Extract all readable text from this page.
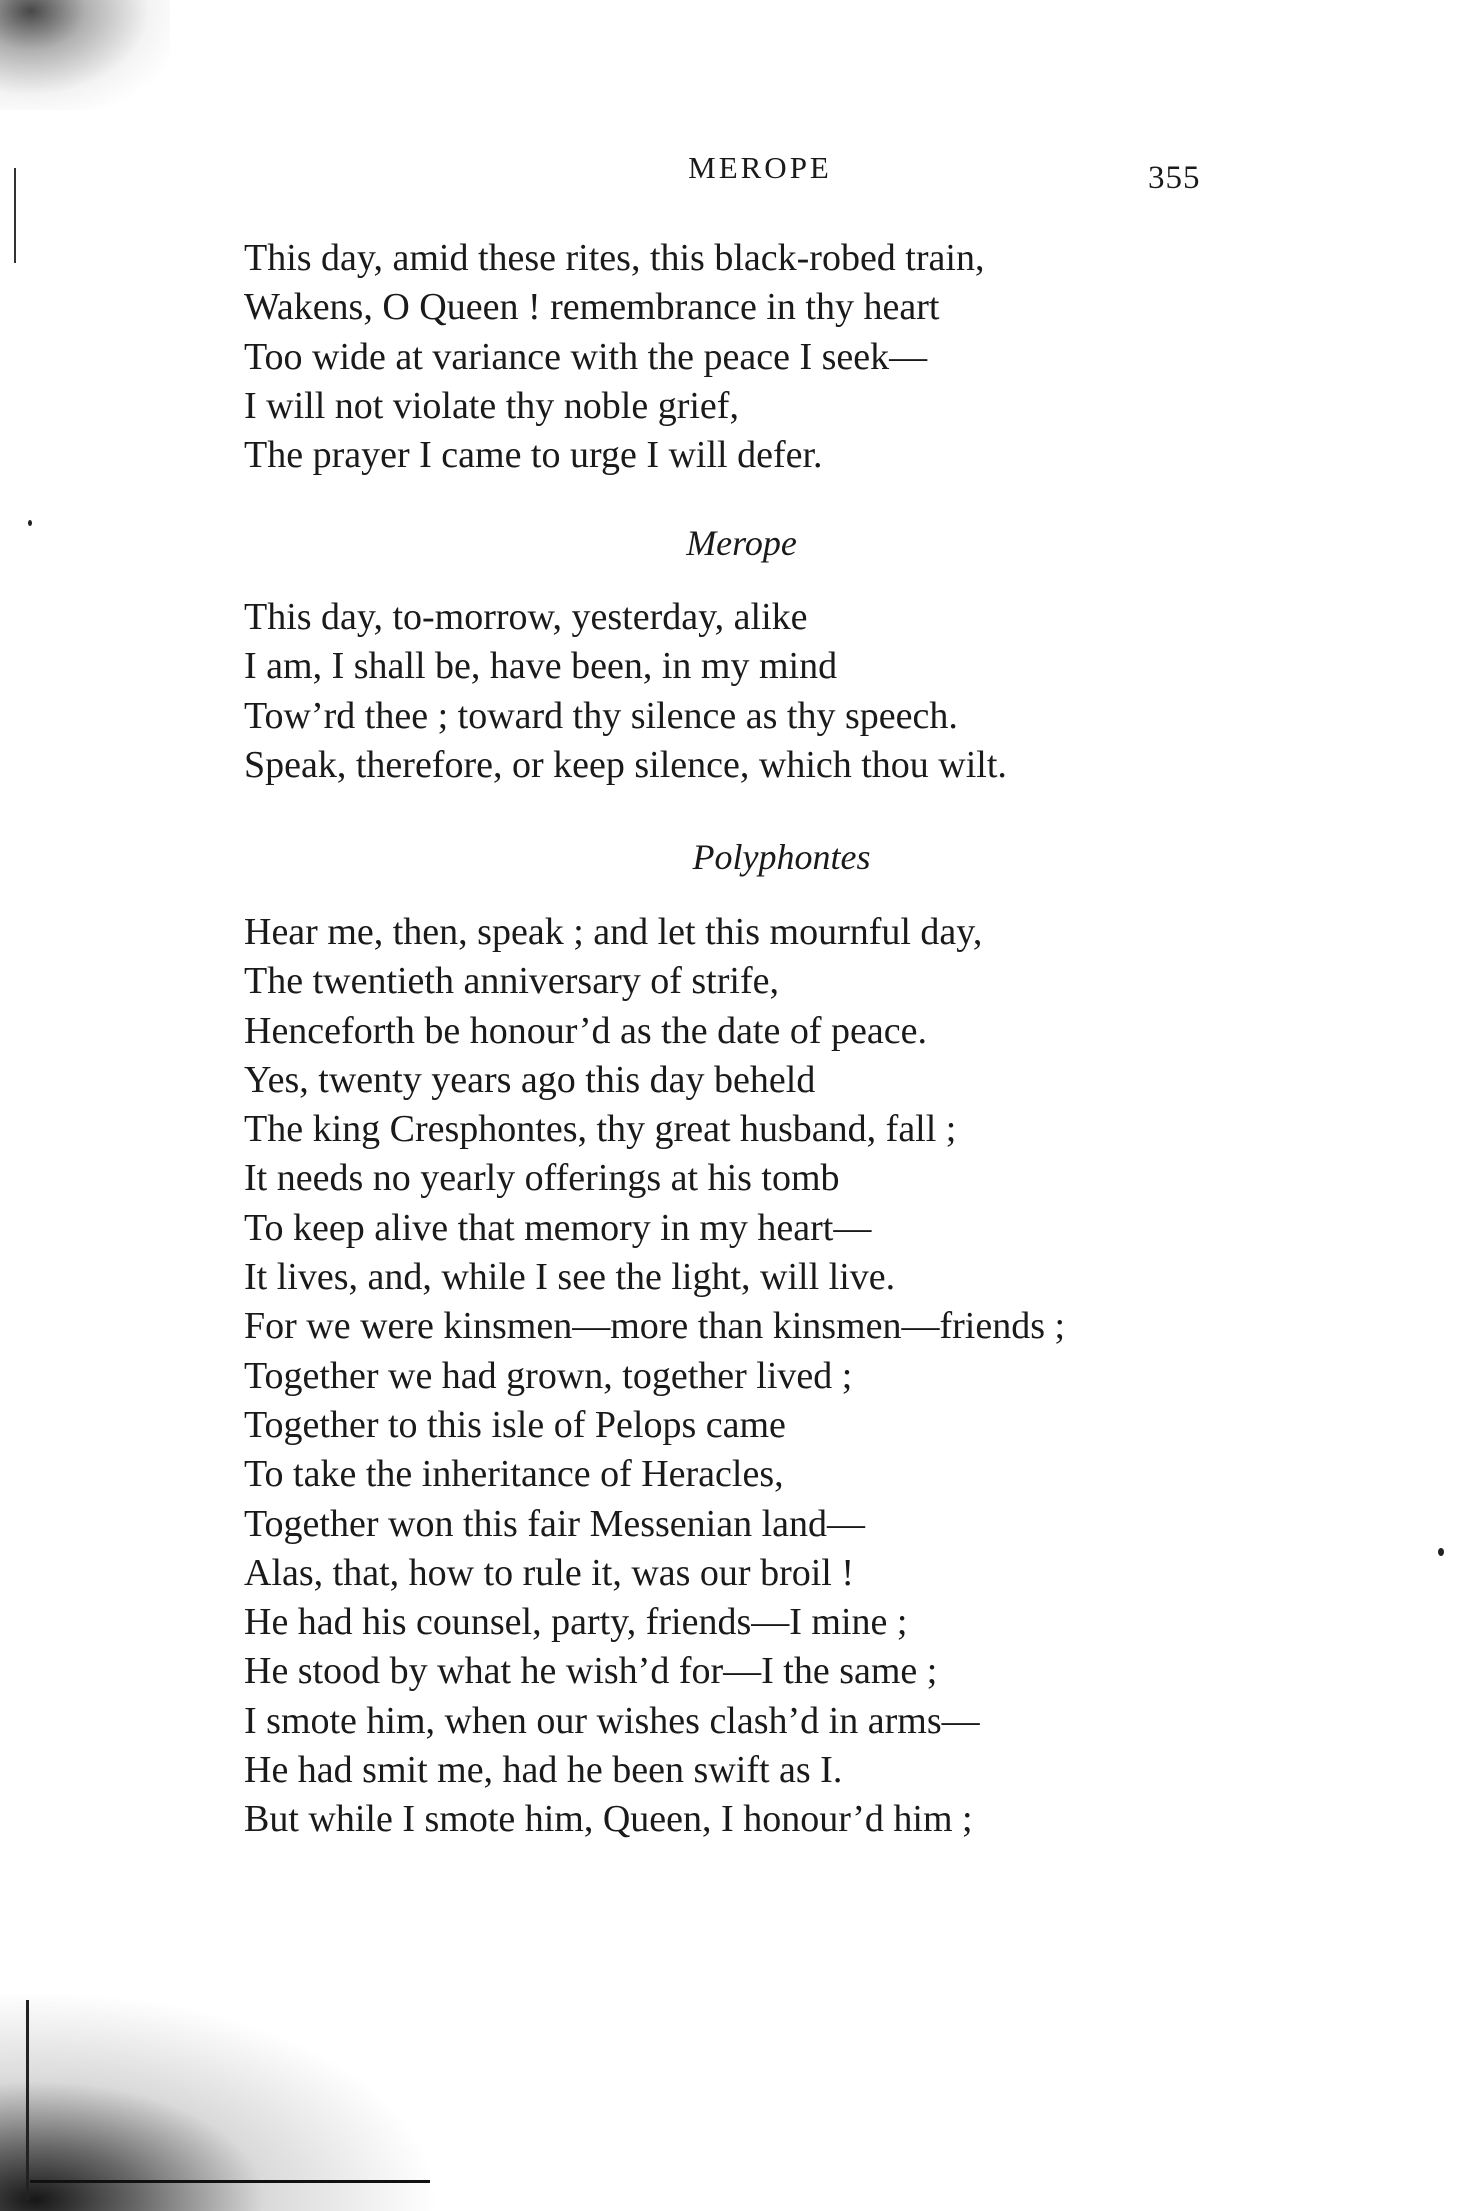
MEROPE	355
This day, amid these rites, this black-robed train,
Wakens, O Queen ! remembrance in thy heart
Too wide at variance with the peace I seek—
I will not violate thy noble grief,
The prayer I came to urge I will defer.
Merope
This day, to-morrow, yesterday, alike
I am, I shall be, have been, in my mind
Tow’rd thee ; toward thy silence as thy speech.
Speak, therefore, or keep silence, which thou wilt.
Polyphontes
Hear me, then, speak ; and let this mournful day,
The twentieth anniversary of strife,
Henceforth be honour’d as the date of peace.
Yes, twenty years ago this day beheld
The king Cresphontes, thy great husband, fall ;
It needs no yearly offerings at his tomb
To keep alive that memory in my heart—
It lives, and, while I see the light, will live.
For we were kinsmen—more than kinsmen—friends ;
Together we had grown, together lived ;
Together to this isle of Pelops came
To take the inheritance of Heracles,
Together won this fair Messenian land—
Alas, that, how to rule it, was our broil !
He had his counsel, party, friends—I mine ;
He stood by what he wish’d for—I the same ;
I smote him, when our wishes clash’d in arms—
He had smit me, had he been swift as I.
But while I smote him, Queen, I honour’d him ;
